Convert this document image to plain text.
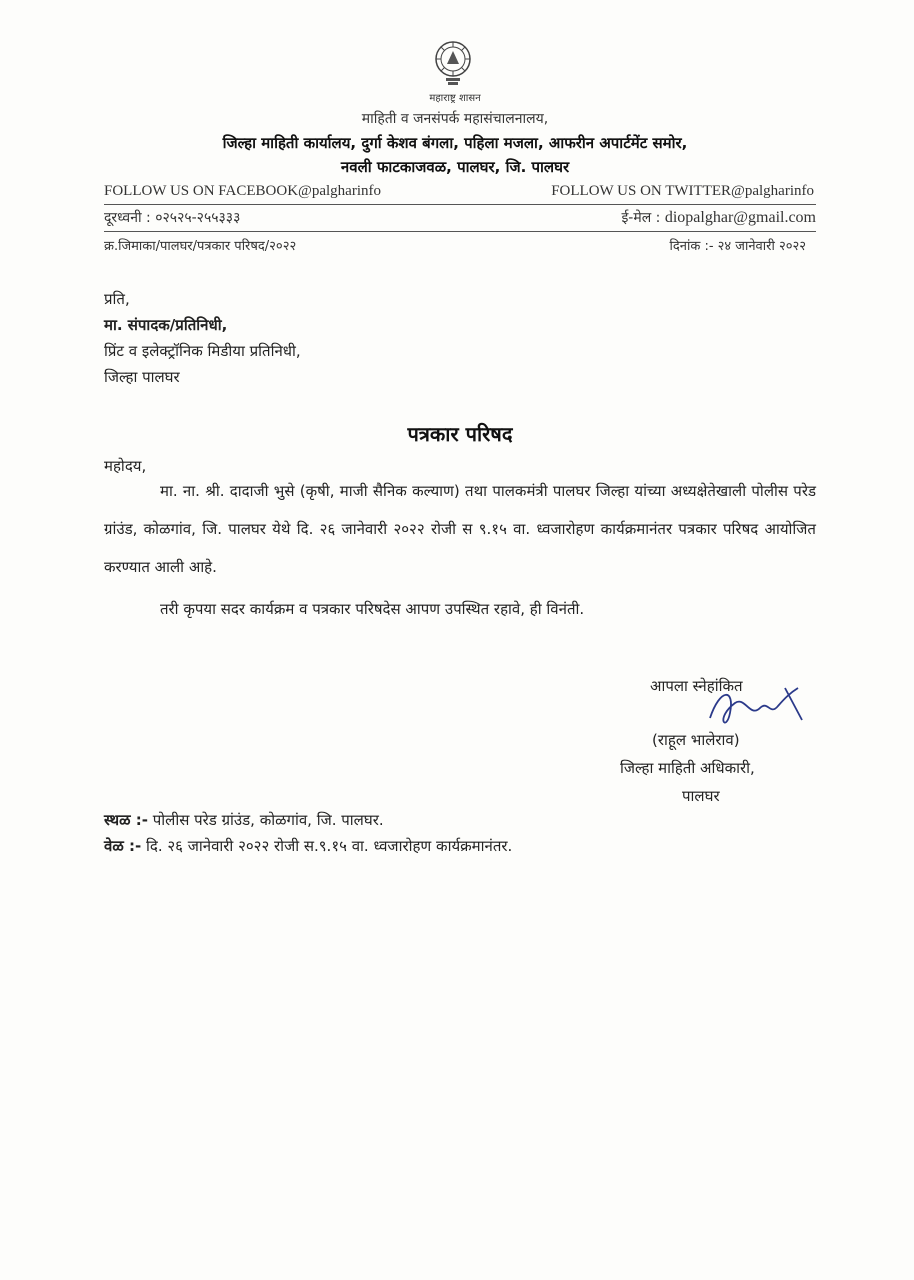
महाराष्ट्र शासन
माहिती व जनसंपर्क महासंचालनालय,
जिल्हा माहिती कार्यालय, दुर्गा केशव बंगला, पहिला मजला, आफरीन अपार्टमेंट समोर,
नवली फाटकाजवळ, पालघर, जि. पालघर
FOLLOW US ON FACEBOOK@palgharinfo	FOLLOW US ON TWITTER@palgharinfo
दूरध्वनी : ०२५२५-२५५३३३	ई-मेल : diopalghar@gmail.com
क्र.जिमाका/पालघर/पत्रकार परिषद/२०२२	दिनांक :- २४ जानेवारी २०२२
प्रति,
मा. संपादक/प्रतिनिधी,
प्रिंट व इलेक्ट्रॉनिक मिडीया प्रतिनिधी,
जिल्हा पालघर
पत्रकार परिषद
महोदय,
मा. ना. श्री. दादाजी भुसे (कृषी, माजी सैनिक कल्याण) तथा पालकमंत्री पालघर जिल्हा यांच्या अध्यक्षेतेखाली पोलीस परेड ग्रांउंड, कोळगांव, जि. पालघर येथे दि. २६ जानेवारी २०२२ रोजी स ९.१५ वा. ध्वजारोहण कार्यक्रमानंतर पत्रकार परिषद आयोजित करण्यात आली आहे.
तरी कृपया सदर कार्यक्रम व पत्रकार परिषदेस आपण उपस्थित रहावे, ही विनंती.
आपला स्नेहांकित
(राहूल भालेराव)
जिल्हा माहिती अधिकारी,
पालघर
स्थळ :- पोलीस परेड ग्रांउंड, कोळगांव, जि. पालघर.
वेळ :- दि. २६ जानेवारी २०२२ रोजी स.९.१५ वा. ध्वजारोहण कार्यक्रमानंतर.
